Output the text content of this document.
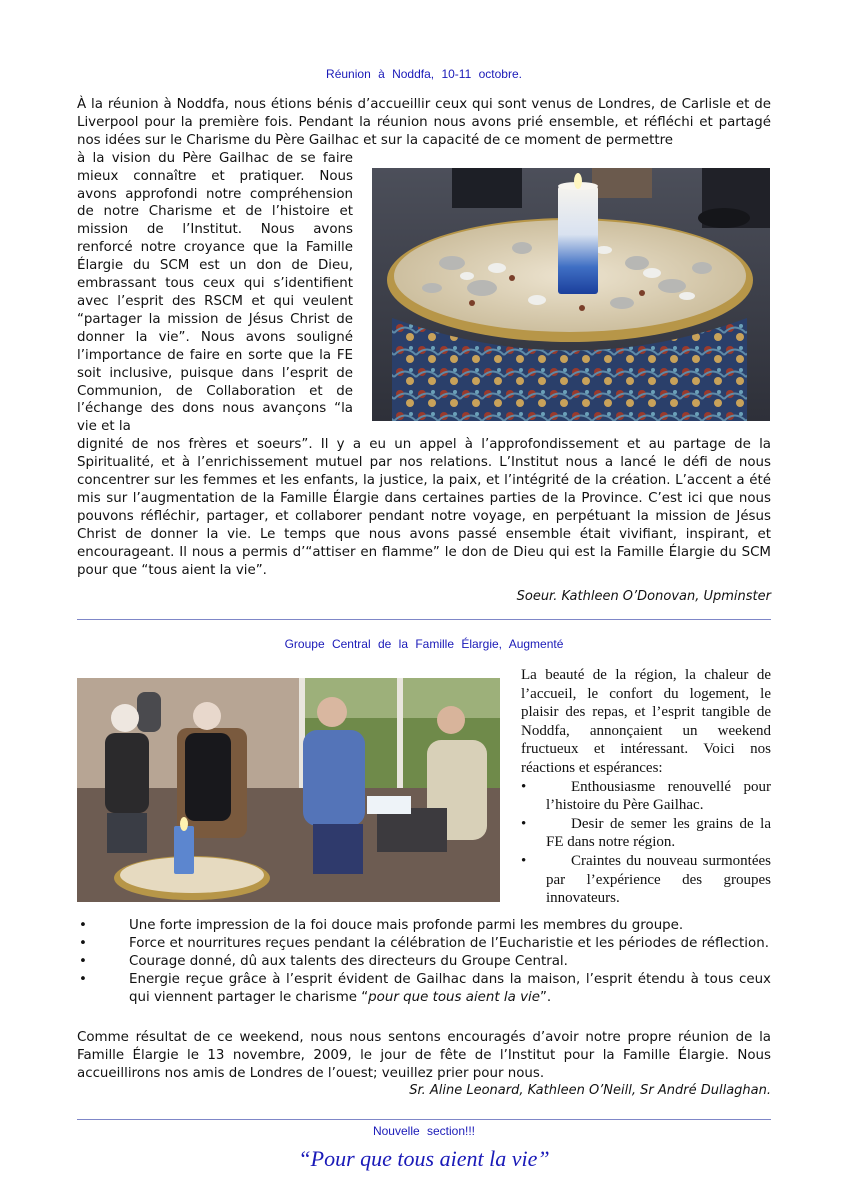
Réunion à Noddfa, 10-11 octobre.
À la réunion à Noddfa, nous étions bénis d’accueillir ceux qui sont venus de Londres, de Carlisle et de Liverpool pour la première fois. Pendant la réunion nous avons prié ensemble, et réfléchi et partagé nos idées sur le Charisme du Père Gailhac et sur la capacité de ce moment de permettre
à la vision du Père Gailhac de se faire mieux connaître et pratiquer. Nous avons approfondi notre compréhension de notre Charisme et de l’histoire et mission de l’Institut. Nous avons renforcé notre croyance que la Famille Élargie du SCM est un don de Dieu, embrassant tous ceux qui s’identifient avec l’esprit des RSCM et qui veulent “partager la mission de Jésus Christ de donner la vie”. Nous avons souligné l’importance de faire en sorte que la FE soit inclusive, puisque dans l’esprit de Communion, de Collaboration et de l’échange des dons nous avançons “la vie et la
dignité de nos frères et soeurs”. Il y a eu un appel à l’approfondissement et au partage de la Spiritualité, et à l’enrichissement mutuel par nos relations. L’Institut nous a lancé le défi de nous concentrer sur les femmes et les enfants, la justice, la paix, et l’intégrité de la création. L’accent a été mis sur l’augmentation de la Famille Élargie dans certaines parties de la Province. C’est ici que nous pouvons réfléchir, partager, et collaborer pendant notre voyage, en perpétuant la mission de Jésus Christ de donner la vie. Le temps que nous avons passé ensemble était vivifiant, inspirant, et encourageant. Il nous a permis d’“attiser en flamme” le don de Dieu qui est la Famille Élargie du SCM pour que “tous aient la vie”.
Soeur. Kathleen O’Donovan, Upminster
Groupe Central de la Famille Élargie, Augmenté
La beauté de la région, la chaleur de l’accueil, le confort du logement, le plaisir des repas, et l’esprit tangible de Noddfa, annonçaient un weekend fructueux et intéressant. Voici nos réactions et espérances:
•	Enthousiasme renouvellé pour l’histoire du Père Gailhac.
•	Desir de semer les grains de la FE dans notre région.
•	Craintes du nouveau surmontées par l’expérience des groupes innovateurs.
•	Une forte impression de la foi douce mais profonde parmi les membres du groupe.
•	Force et nourritures reçues pendant la célébration de l’Eucharistie et les périodes de réflection.
•	Courage donné, dû aux talents des directeurs du Groupe Central.
•	Energie reçue grâce à l’esprit évident de Gailhac dans la maison, l’esprit étendu à tous ceux qui viennent partager le charisme “pour que tous aient la vie”.
Comme résultat de ce weekend, nous nous sentons encouragés d’avoir notre propre réunion de la Famille Élargie le 13 novembre, 2009, le jour de fête de l’Institut pour la Famille Élargie. Nous accueillirons nos amis de Londres de l’ouest; veuillez prier pour nous.
Sr. Aline Leonard, Kathleen O’Neill, Sr André Dullaghan.
Nouvelle section!!!
“Pour que tous aient la vie”
